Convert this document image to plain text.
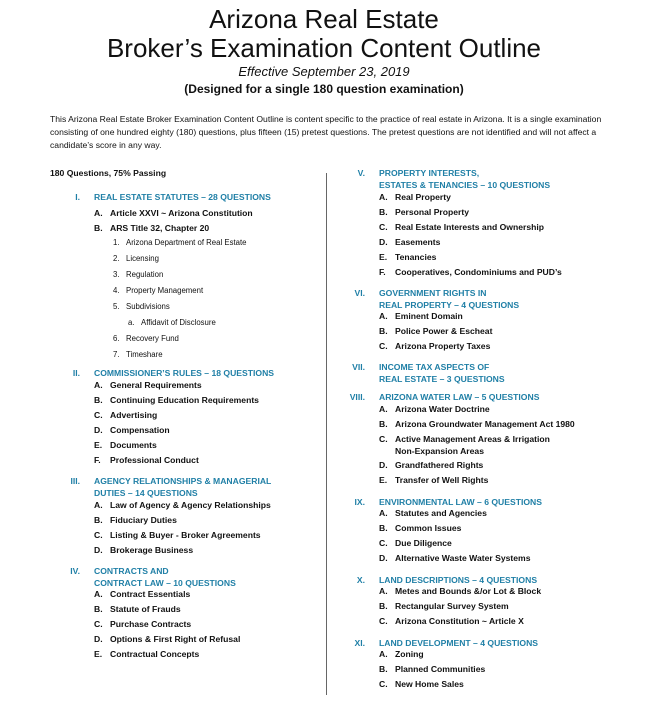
Arizona Real Estate
Broker’s Examination Content Outline
Effective September 23, 2019
(Designed for a single 180 question examination)

This Arizona Real Estate Broker Examination Content Outline is content specific to the practice of real estate in Arizona. It is a single examination consisting of one hundred eighty (180) questions, plus fifteen (15) pretest questions. The pretest questions are not identified and will not affect a candidate’s score in any way.

180 Questions, 75% Passing
I. REAL ESTATE STATUTES – 28 QUESTIONS
A. Article XXVI ~ Arizona Constitution
B. ARS Title 32, Chapter 20
1. Arizona Department of Real Estate
2. Licensing
3. Regulation
4. Property Management
5. Subdivisions
a. Affidavit of Disclosure
6. Recovery Fund
7. Timeshare
II. COMMISSIONER’S RULES – 18 QUESTIONS
A. General Requirements
B. Continuing Education Requirements
C. Advertising
D. Compensation
E. Documents
F. Professional Conduct
III. AGENCY RELATIONSHIPS & MANAGERIAL
DUTIES – 14 QUESTIONS
A. Law of Agency & Agency Relationships
B. Fiduciary Duties
C. Listing & Buyer - Broker Agreements
D. Brokerage Business
IV. CONTRACTS AND
CONTRACT LAW – 10 QUESTIONS
A. Contract Essentials
B. Statute of Frauds
C. Purchase Contracts
D. Options & First Right of Refusal
E. Contractual Concepts
V. PROPERTY INTERESTS,
ESTATES & TENANCIES – 10 QUESTIONS
A. Real Property
B. Personal Property
C. Real Estate Interests and Ownership
D. Easements
E. Tenancies
F. Cooperatives, Condominiums and PUD’s
VI. GOVERNMENT RIGHTS IN
REAL PROPERTY – 4 QUESTIONS
A. Eminent Domain
B. Police Power & Escheat
C. Arizona Property Taxes
VII. INCOME TAX ASPECTS OF
REAL ESTATE – 3 QUESTIONS
VIII. ARIZONA WATER LAW – 5 QUESTIONS
A. Arizona Water Doctrine
B. Arizona Groundwater Management Act 1980
C. Active Management Areas & Irrigation
Non-Expansion Areas
D. Grandfathered Rights
E. Transfer of Well Rights
IX. ENVIRONMENTAL LAW – 6 QUESTIONS
A. Statutes and Agencies
B. Common Issues
C. Due Diligence
D. Alternative Waste Water Systems
X. LAND DESCRIPTIONS – 4 QUESTIONS
A. Metes and Bounds &/or Lot & Block
B. Rectangular Survey System
C. Arizona Constitution ~ Article X
XI. LAND DEVELOPMENT – 4 QUESTIONS
A. Zoning
B. Planned Communities
C. New Home Sales
